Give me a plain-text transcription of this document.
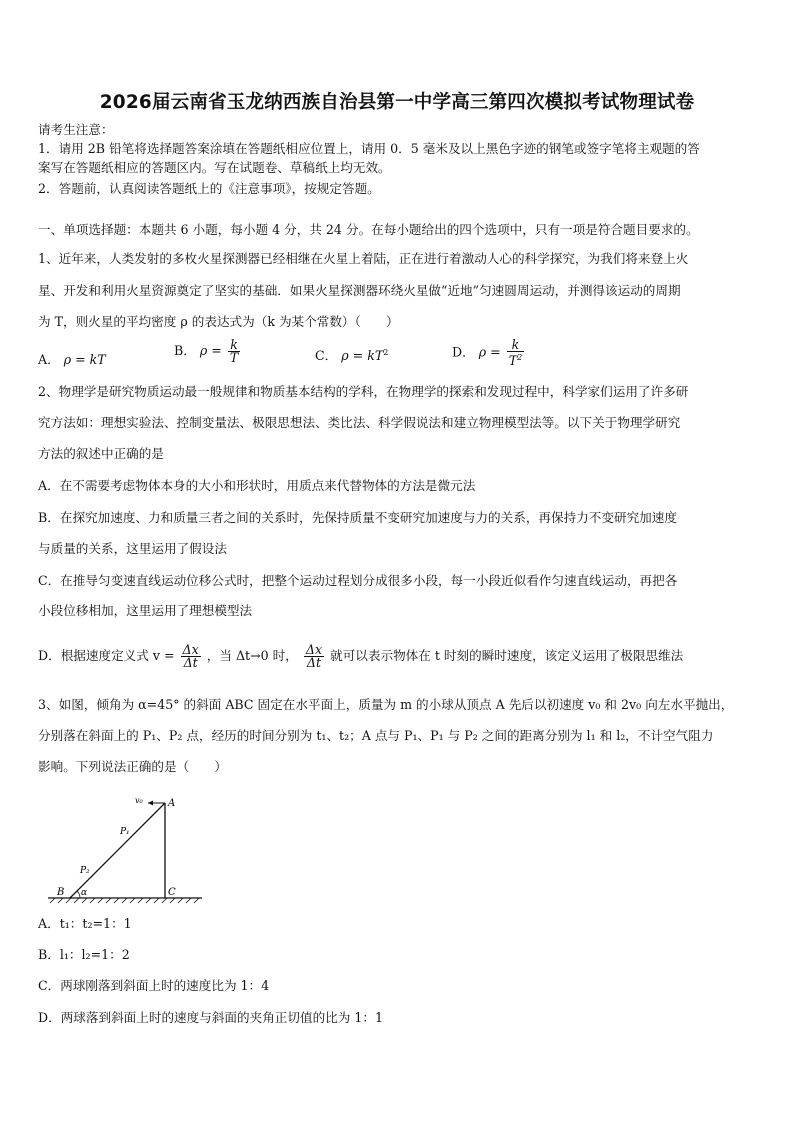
2026届云南省玉龙纳西族自治县第一中学高三第四次模拟考试物理试卷
请考生注意：
1．请用 2B 铅笔将选择题答案涂填在答题纸相应位置上，请用 0．5 毫米及以上黑色字迹的钢笔或签字笔将主观题的答
案写在答题纸相应的答题区内。写在试题卷、草稿纸上均无效。
2．答题前，认真阅读答题纸上的《注意事项》，按规定答题。
一、单项选择题：本题共 6 小题，每小题 4 分，共 24 分。在每小题给出的四个选项中，只有一项是符合题目要求的。
1、近年来，人类发射的多枚火星探测器已经相继在火星上着陆，正在进行着激动人心的科学探究，为我们将来登上火
星、开发和利用火星资源奠定了坚实的基础．如果火星探测器环绕火星做“近地”匀速圆周运动，并测得该运动的周期
为 T，则火星的平均密度 ρ 的表达式为（k 为某个常数）（　　）
A． ρ = kT
B． $\rho = \frac{k}{T}$	C． $\rho = kT^2$	D． $\rho = \frac{k}{T^2}$
2、物理学是研究物质运动最一般规律和物质基本结构的学科，在物理学的探索和发现过程中，科学家们运用了许多研
究方法如：理想实验法、控制变量法、极限思想法、类比法、科学假说法和建立物理模型法等。以下关于物理学研究
方法的叙述中正确的是
A．在不需要考虑物体本身的大小和形状时，用质点来代替物体的方法是微元法
B．在探究加速度、力和质量三者之间的关系时，先保持质量不变研究加速度与力的关系，再保持力不变研究加速度
与质量的关系，这里运用了假设法
C．在推导匀变速直线运动位移公式时，把整个运动过程划分成很多小段，每一小段近似看作匀速直线运动，再把各
小段位移相加，这里运用了理想模型法
D．根据速度定义式 $v = \frac{\Delta x}{\Delta t}$ ，当 Δt→0 时， $\frac{\Delta x}{\Delta t}$ 就可以表示物体在 t 时刻的瞬时速度，该定义运用了极限思维法
3、如图，倾角为 α=45° 的斜面 ABC 固定在水平面上，质量为 m 的小球从顶点 A 先后以初速度 v₀ 和 2v₀ 向左水平抛出，
分别落在斜面上的 P₁、P₂ 点，经历的时间分别为 t₁、t₂；A 点与 P₁、P₁ 与 P₂ 之间的距离分别为 l₁ 和 l₂，不计空气阻力
影响。下列说法正确的是（　　）
v₀	A
P₁
P₂
B α	C
A．t₁：t₂=1：1
B．l₁：l₂=1：2
C．两球刚落到斜面上时的速度比为 1：4
D．两球落到斜面上时的速度与斜面的夹角正切值的比为 1：1
